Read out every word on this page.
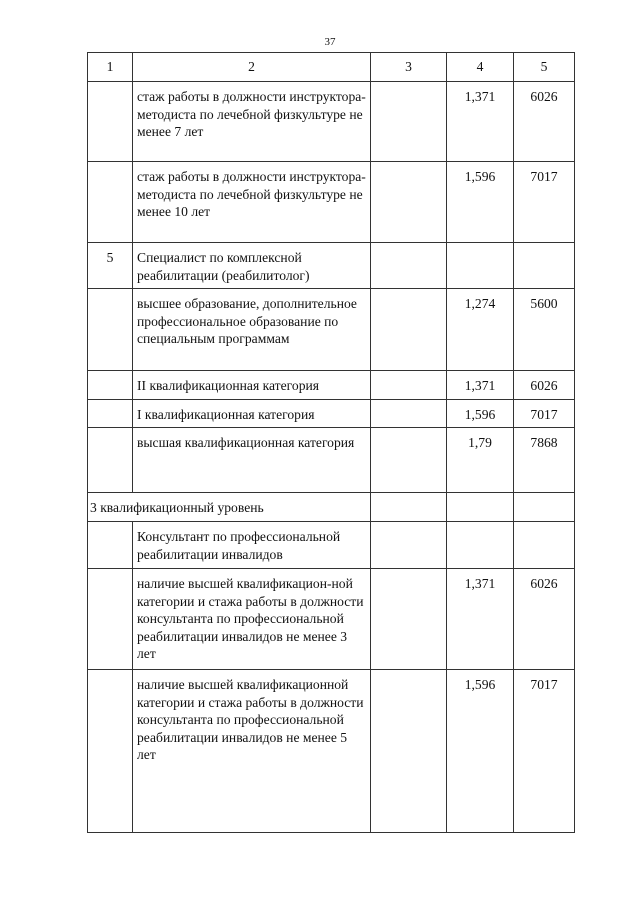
37
1	2	3	4	5
	стаж работы в должности инструктора-методиста по лечебной физкультуре не менее 7 лет		1,371	6026
	стаж работы в должности инструктора-методиста по лечебной физкультуре не менее 10 лет		1,596	7017
5	Специалист по комплексной реабилитации (реабилитолог)			
	высшее образование, дополнительное профессиональное образование по специальным программам		1,274	5600
	II квалификационная категория		1,371	6026
	I квалификационная категория		1,596	7017
	высшая квалификационная категория		1,79	7868
3 квалификационный уровень				
	Консультант по профессиональной реабилитации инвалидов			
	наличие высшей квалификацион-ной категории и стажа работы в должности консультанта по профессиональной реабилитации инвалидов не менее 3 лет		1,371	6026
	наличие высшей квалификационной категории и стажа работы в должности консультанта по профессиональной реабилитации инвалидов не менее 5 лет		1,596	7017
